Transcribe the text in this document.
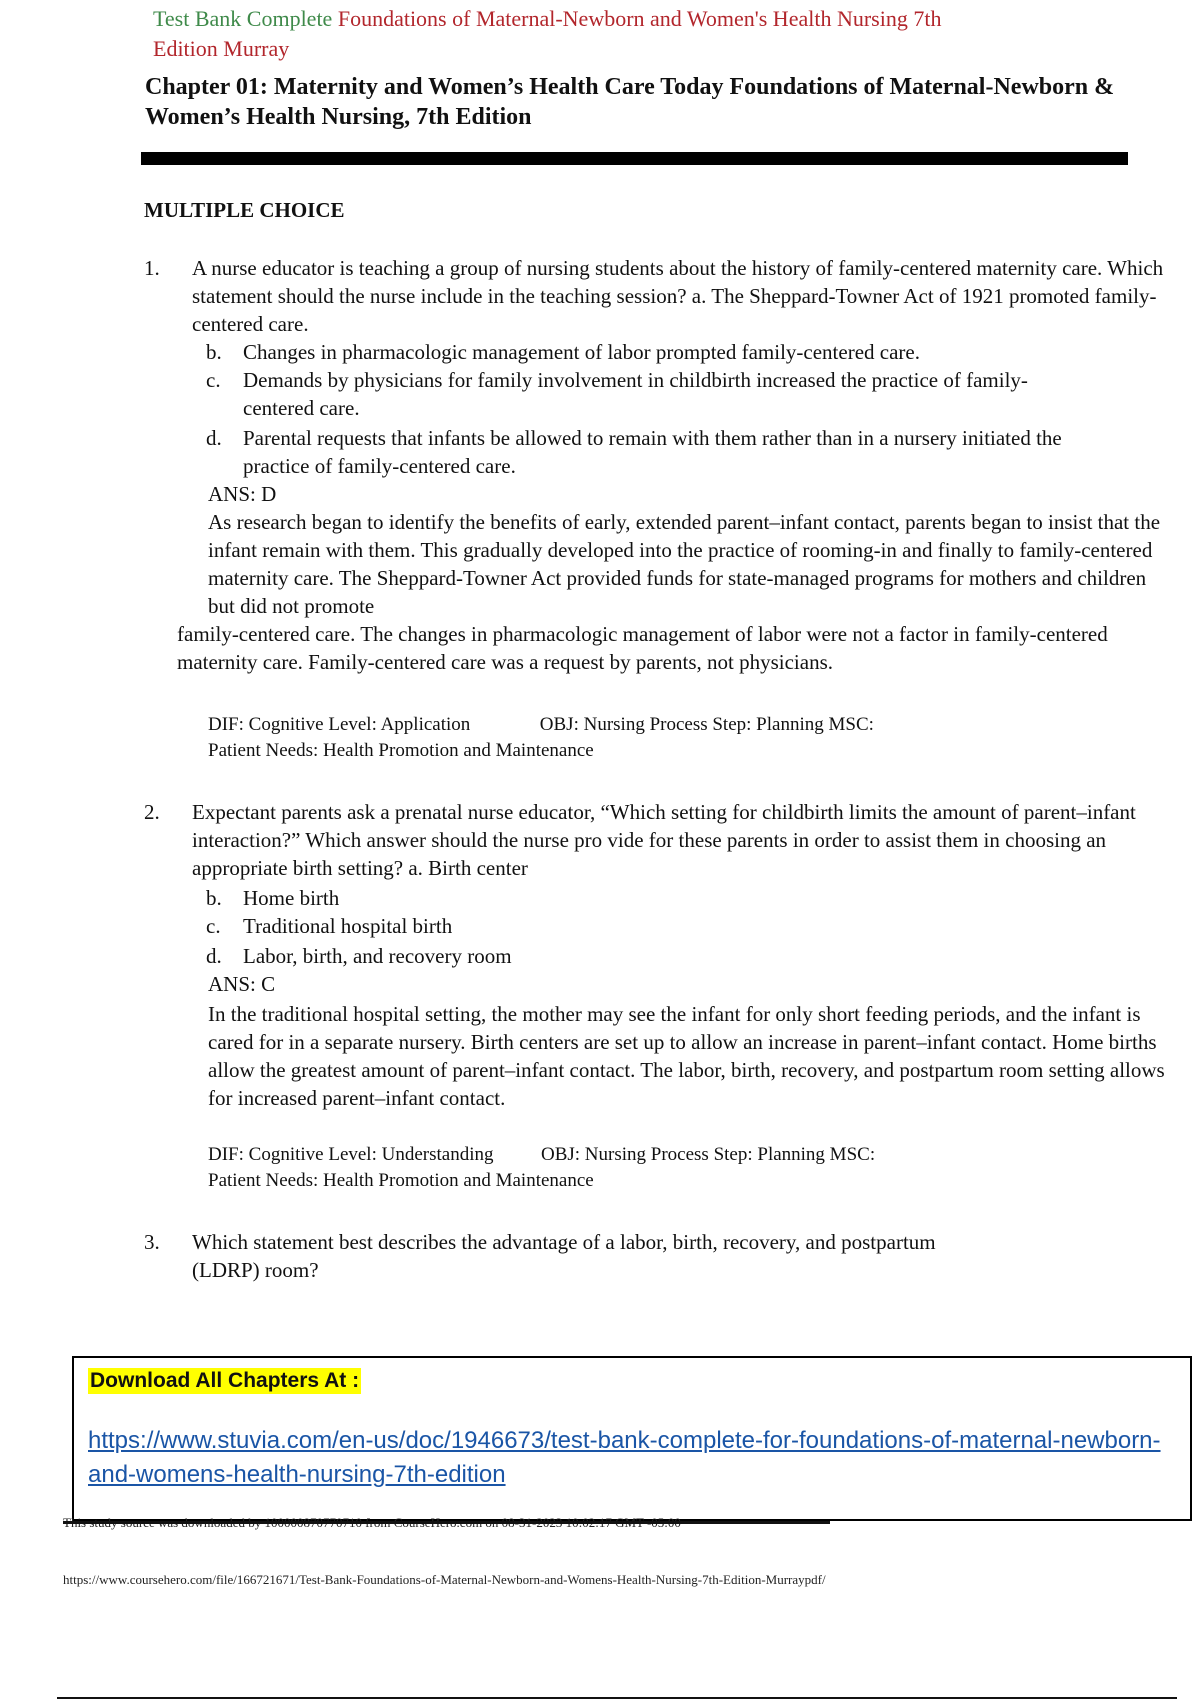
Test Bank Complete Foundations of Maternal-Newborn and Women's Health Nursing 7th
Edition Murray
Chapter 01: Maternity and Women’s Health Care Today Foundations of Maternal-Newborn & Women’s Health Nursing, 7th Edition
MULTIPLE CHOICE
1. A nurse educator is teaching a group of nursing students about the history of family-centered maternity care. Which statement should the nurse include in the teaching session? a. The Sheppard-Towner Act of 1921 promoted family-centered care.
b. Changes in pharmacologic management of labor prompted family-centered care.
c. Demands by physicians for family involvement in childbirth increased the practice of family-centered care.
d. Parental requests that infants be allowed to remain with them rather than in a nursery initiated the practice of family-centered care.
ANS: D
As research began to identify the benefits of early, extended parent–infant contact, parents began to insist that the infant remain with them. This gradually developed into the practice of rooming-in and finally to family-centered maternity care. The Sheppard-Towner Act provided funds for state-managed programs for mothers and children but did not promote
family-centered care. The changes in pharmacologic management of labor were not a factor in family-centered maternity care. Family-centered care was a request by parents, not physicians.
DIF: Cognitive Level: Application	OBJ: Nursing Process Step: Planning MSC:
Patient Needs: Health Promotion and Maintenance
2. Expectant parents ask a prenatal nurse educator, “Which setting for childbirth limits the amount of parent–infant interaction?” Which answer should the nurse pro vide for these parents in order to assist them in choosing an appropriate birth setting? a. Birth center
b. Home birth
c. Traditional hospital birth
d. Labor, birth, and recovery room
ANS: C
In the traditional hospital setting, the mother may see the infant for only short feeding periods, and the infant is cared for in a separate nursery. Birth centers are set up to allow an increase in parent–infant contact. Home births allow the greatest amount of parent–infant contact. The labor, birth, recovery, and postpartum room setting allows for increased parent–infant contact.
DIF: Cognitive Level: Understanding	OBJ: Nursing Process Step: Planning MSC:
Patient Needs: Health Promotion and Maintenance
3. Which statement best describes the advantage of a labor, birth, recovery, and postpartum (LDRP) room?
Download All Chapters At :
https://www.stuvia.com/en-us/doc/1946673/test-bank-complete-for-foundations-of-maternal-newborn-and-womens-health-nursing-7th-edition
https://www.coursehero.com/file/166721671/Test-Bank-Foundations-of-Maternal-Newborn-and-Womens-Health-Nursing-7th-Edition-Murraypdf/
